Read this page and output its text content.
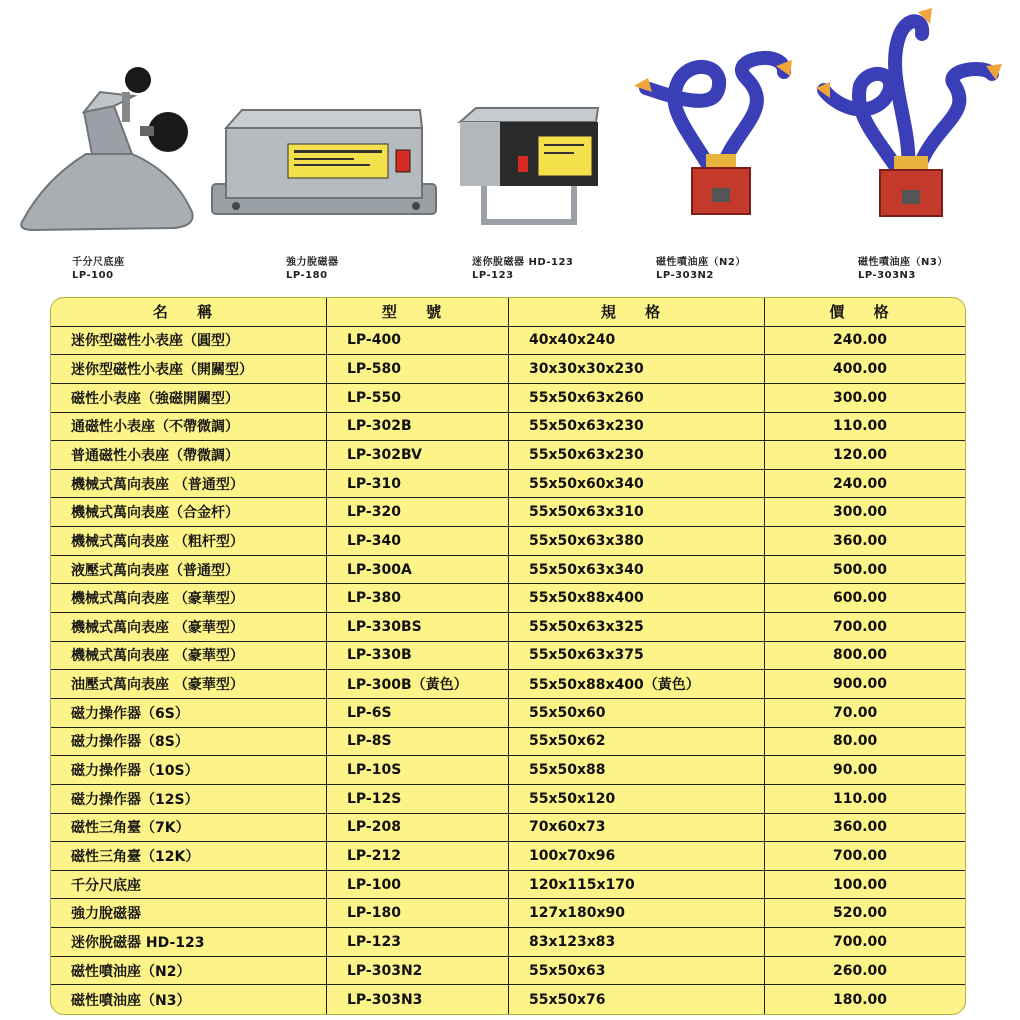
千分尺底座
LP-100
強力脫磁器
LP-180
迷你脫磁器 HD-123
LP-123
磁性噴油座（N2）
LP-303N2
磁性噴油座（N3）
LP-303N3
名 稱	型 號	規 格	價 格
迷你型磁性小表座（圓型）	LP-400	40x40x240	240.00
迷你型磁性小表座（開關型）	LP-580	30x30x30x230	400.00
磁性小表座（強磁開關型）	LP-550	55x50x63x260	300.00
通磁性小表座（不帶微調）	LP-302B	55x50x63x230	110.00
普通磁性小表座（帶微調）	LP-302BV	55x50x63x230	120.00
機械式萬向表座 （普通型）	LP-310	55x50x60x340	240.00
機械式萬向表座（合金杆）	LP-320	55x50x63x310	300.00
機械式萬向表座 （粗杆型）	LP-340	55x50x63x380	360.00
液壓式萬向表座（普通型）	LP-300A	55x50x63x340	500.00
機械式萬向表座 （豪華型）	LP-380	55x50x88x400	600.00
機械式萬向表座 （豪華型）	LP-330BS	55x50x63x325	700.00
機械式萬向表座 （豪華型）	LP-330B	55x50x63x375	800.00
油壓式萬向表座 （豪華型）	LP-300B（黃色）	55x50x88x400（黃色）	900.00
磁力操作器（6S）	LP-6S	55x50x60	70.00
磁力操作器（8S）	LP-8S	55x50x62	80.00
磁力操作器（10S）	LP-10S	55x50x88	90.00
磁力操作器（12S）	LP-12S	55x50x120	110.00
磁性三角臺（7K）	LP-208	70x60x73	360.00
磁性三角臺（12K）	LP-212	100x70x96	700.00
千分尺底座	LP-100	120x115x170	100.00
強力脫磁器	LP-180	127x180x90	520.00
迷你脫磁器 HD-123	LP-123	83x123x83	700.00
磁性噴油座（N2）	LP-303N2	55x50x63	260.00
磁性噴油座（N3）	LP-303N3	55x50x76	180.00
